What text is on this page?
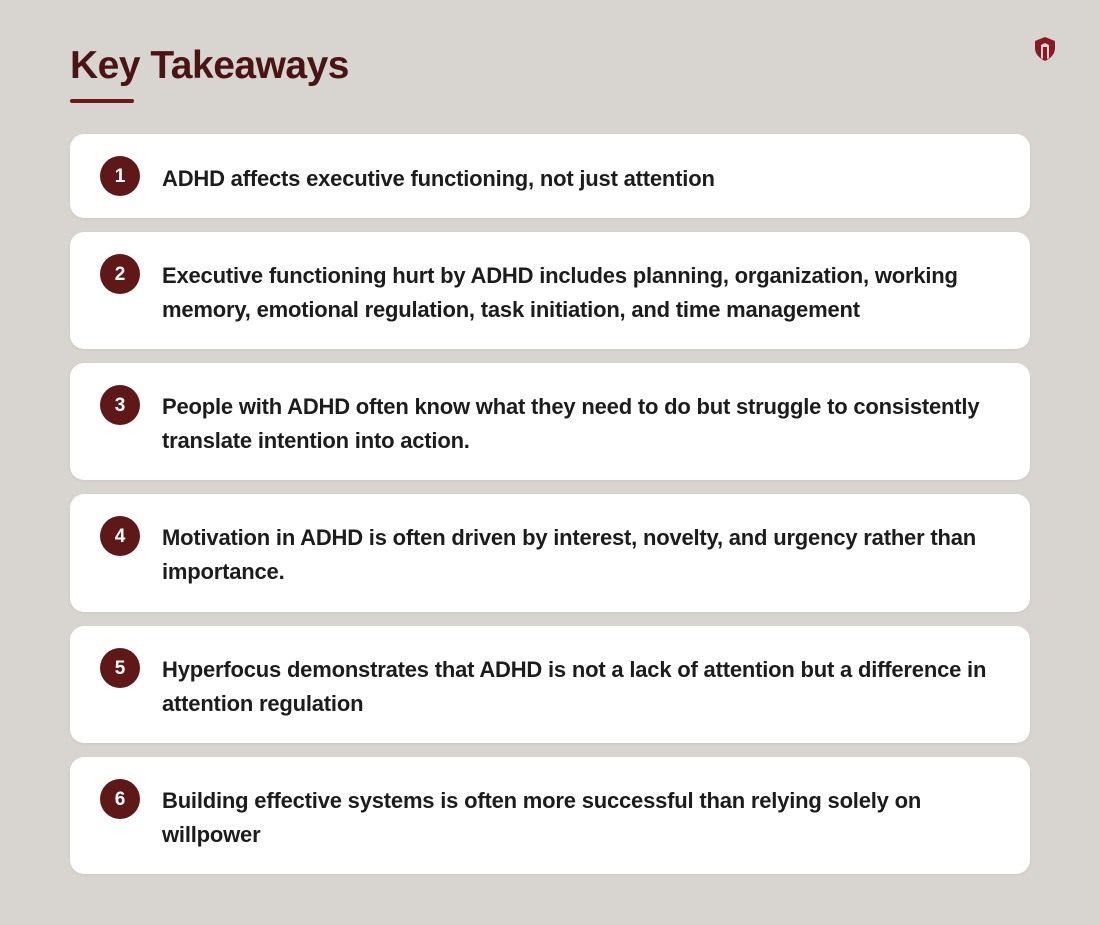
Key Takeaways
1	ADHD affects executive functioning, not just attention
2	Executive functioning hurt by ADHD includes planning, organization, working memory, emotional regulation, task initiation, and time management
3	People with ADHD often know what they need to do but struggle to consistently translate intention into action.
4	Motivation in ADHD is often driven by interest, novelty, and urgency rather than importance.
5	Hyperfocus demonstrates that ADHD is not a lack of attention but a difference in attention regulation
6	Building effective systems is often more successful than relying solely on willpower
